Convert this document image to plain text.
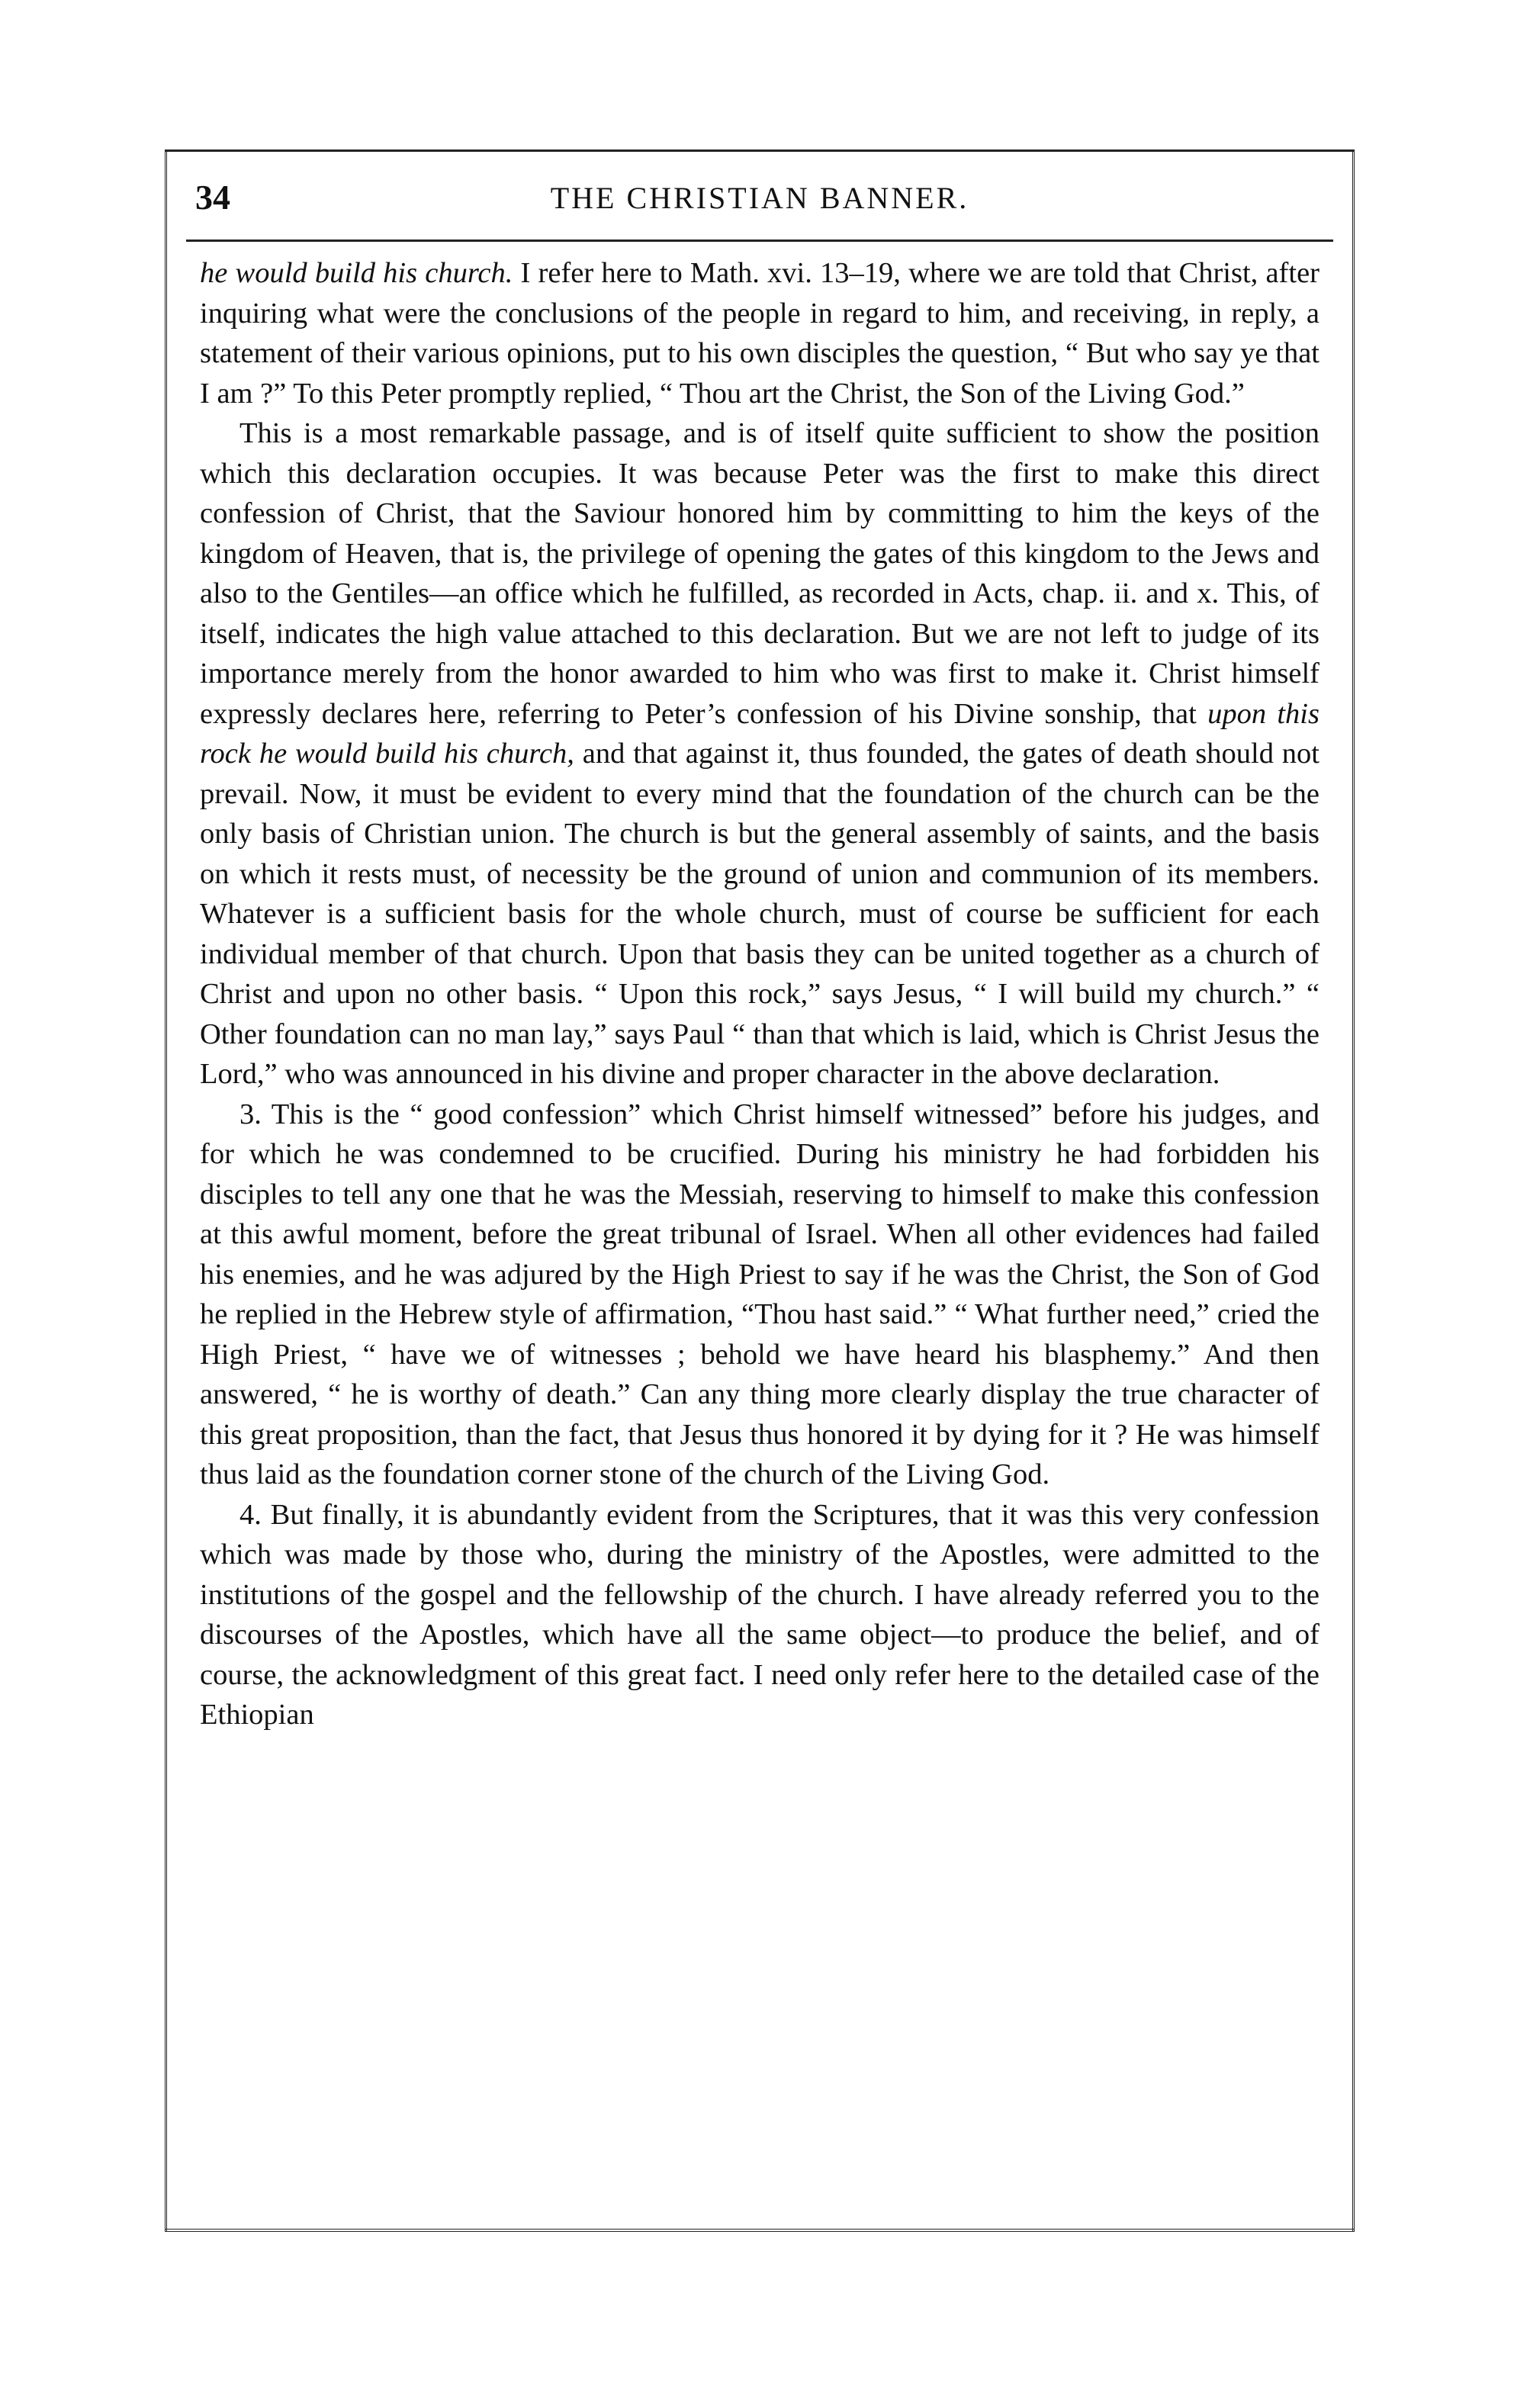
34	THE CHRISTIAN BANNER.

he would build his church. I refer here to Math. xvi. 13–19, where we are told that Christ, after inquiring what were the conclusions of the people in regard to him, and receiving, in reply, a statement of their various opinions, put to his own disciples the question, “ But who say ye that I am ?” To this Peter promptly replied, “ Thou art the Christ, the Son of the Living God.”

This is a most remarkable passage, and is of itself quite sufficient to show the position which this declaration occupies. It was because Peter was the first to make this direct confession of Christ, that the Saviour honored him by committing to him the keys of the kingdom of Heaven, that is, the privilege of opening the gates of this kingdom to the Jews and also to the Gentiles—an office which he fulfilled, as recorded in Acts, chap. ii. and x. This, of itself, indicates the high value attached to this declaration. But we are not left to judge of its importance merely from the honor awarded to him who was first to make it. Christ himself expressly declares here, referring to Peter’s confession of his Divine sonship, that upon this rock he would build his church, and that against it, thus founded, the gates of death should not prevail. Now, it must be evident to every mind that the foundation of the church can be the only basis of Christian union. The church is but the general assembly of saints, and the basis on which it rests must, of necessity be the ground of union and communion of its members. Whatever is a sufficient basis for the whole church, must of course be sufficient for each individual member of that church. Upon that basis they can be united together as a church of Christ and upon no other basis. “ Upon this rock,” says Jesus, “ I will build my church.” “ Other foundation can no man lay,” says Paul “ than that which is laid, which is Christ Jesus the Lord,” who was announced in his divine and proper character in the above declaration.

3. This is the “ good confession” which Christ himself witnessed” before his judges, and for which he was condemned to be crucified. During his ministry he had forbidden his disciples to tell any one that he was the Messiah, reserving to himself to make this confession at this awful moment, before the great tribunal of Israel. When all other evidences had failed his enemies, and he was adjured by the High Priest to say if he was the Christ, the Son of God he replied in the Hebrew style of affirmation, “Thou hast said.” “ What further need,” cried the High Priest, “ have we of witnesses ; behold we have heard his blasphemy.” And then answered, “ he is worthy of death.” Can any thing more clearly display the true character of this great proposition, than the fact, that Jesus thus honored it by dying for it ? He was himself thus laid as the foundation corner stone of the church of the Living God.

4. But finally, it is abundantly evident from the Scriptures, that it was this very confession which was made by those who, during the ministry of the Apostles, were admitted to the institutions of the gospel and the fellowship of the church. I have already referred you to the discourses of the Apostles, which have all the same object—to produce the belief, and of course, the acknowledgment of this great fact. I need only refer here to the detailed case of the Ethiopian
